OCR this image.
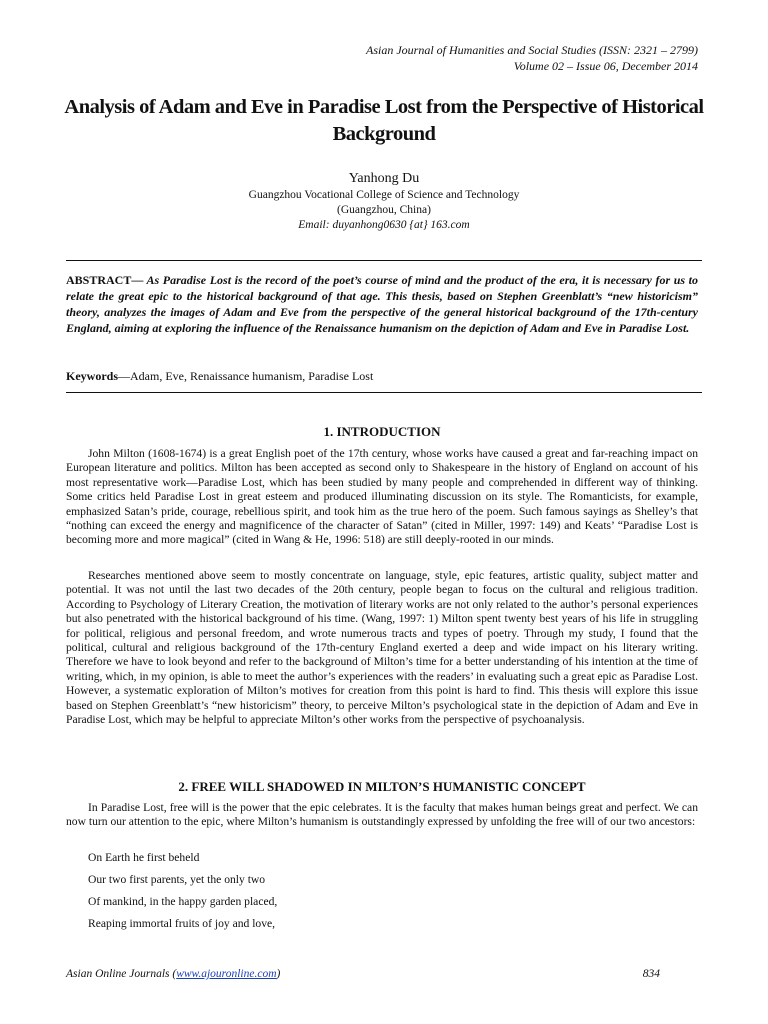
Asian Journal of Humanities and Social Studies (ISSN: 2321 – 2799)
Volume 02 – Issue 06, December 2014
Analysis of Adam and Eve in Paradise Lost from the Perspective of Historical Background
Yanhong Du
Guangzhou Vocational College of Science and Technology
(Guangzhou, China)
Email: duyanhong0630 {at} 163.com
ABSTRACT— As Paradise Lost is the record of the poet’s course of mind and the product of the era, it is necessary for us to relate the great epic to the historical background of that age. This thesis, based on Stephen Greenblatt’s “new historicism” theory, analyzes the images of Adam and Eve from the perspective of the general historical background of the 17th-century England, aiming at exploring the influence of the Renaissance humanism on the depiction of Adam and Eve in Paradise Lost.
Keywords—Adam, Eve, Renaissance humanism, Paradise Lost
1. INTRODUCTION

John Milton (1608-1674) is a great English poet of the 17th century, whose works have caused a great and far-reaching impact on European literature and politics. Milton has been accepted as second only to Shakespeare in the history of England on account of his most representative work—Paradise Lost, which has been studied by many people and comprehended in different way of thinking. Some critics held Paradise Lost in great esteem and produced illuminating discussion on its style. The Romanticists, for example, emphasized Satan’s pride, courage, rebellious spirit, and took him as the true hero of the poem. Such famous sayings as Shelley’s that “nothing can exceed the energy and magnificence of the character of Satan” (cited in Miller, 1997: 149) and Keats’ “Paradise Lost is becoming more and more magical” (cited in Wang & He, 1996: 518) are still deeply-rooted in our minds.

Researches mentioned above seem to mostly concentrate on language, style, epic features, artistic quality, subject matter and potential. It was not until the last two decades of the 20th century, people began to focus on the cultural and religious tradition. According to Psychology of Literary Creation, the motivation of literary works are not only related to the author’s personal experiences but also penetrated with the historical background of his time. (Wang, 1997: 1) Milton spent twenty best years of his life in struggling for political, religious and personal freedom, and wrote numerous tracts and types of poetry. Through my study, I found that the political, cultural and religious background of the 17th-century England exerted a deep and wide impact on his literary writing. Therefore we have to look beyond and refer to the background of Milton’s time for a better understanding of his intention at the time of writing, which, in my opinion, is able to meet the author’s experiences with the readers’ in evaluating such a great epic as Paradise Lost. However, a systematic exploration of Milton’s motives for creation from this point is hard to find. This thesis will explore this issue based on Stephen Greenblatt’s “new historicism” theory, to perceive Milton’s psychological state in the depiction of Adam and Eve in Paradise Lost, which may be helpful to appreciate Milton’s other works from the perspective of psychoanalysis.

2. FREE WILL SHADOWED IN MILTON’S HUMANISTIC CONCEPT

In Paradise Lost, free will is the power that the epic celebrates. It is the faculty that makes human beings great and perfect. We can now turn our attention to the epic, where Milton’s humanism is outstandingly expressed by unfolding the free will of our two ancestors:

On Earth he first beheld
Our two first parents, yet the only two
Of mankind, in the happy garden placed,
Reaping immortal fruits of joy and love,
Asian Online Journals (www.ajouronline.com)	834
